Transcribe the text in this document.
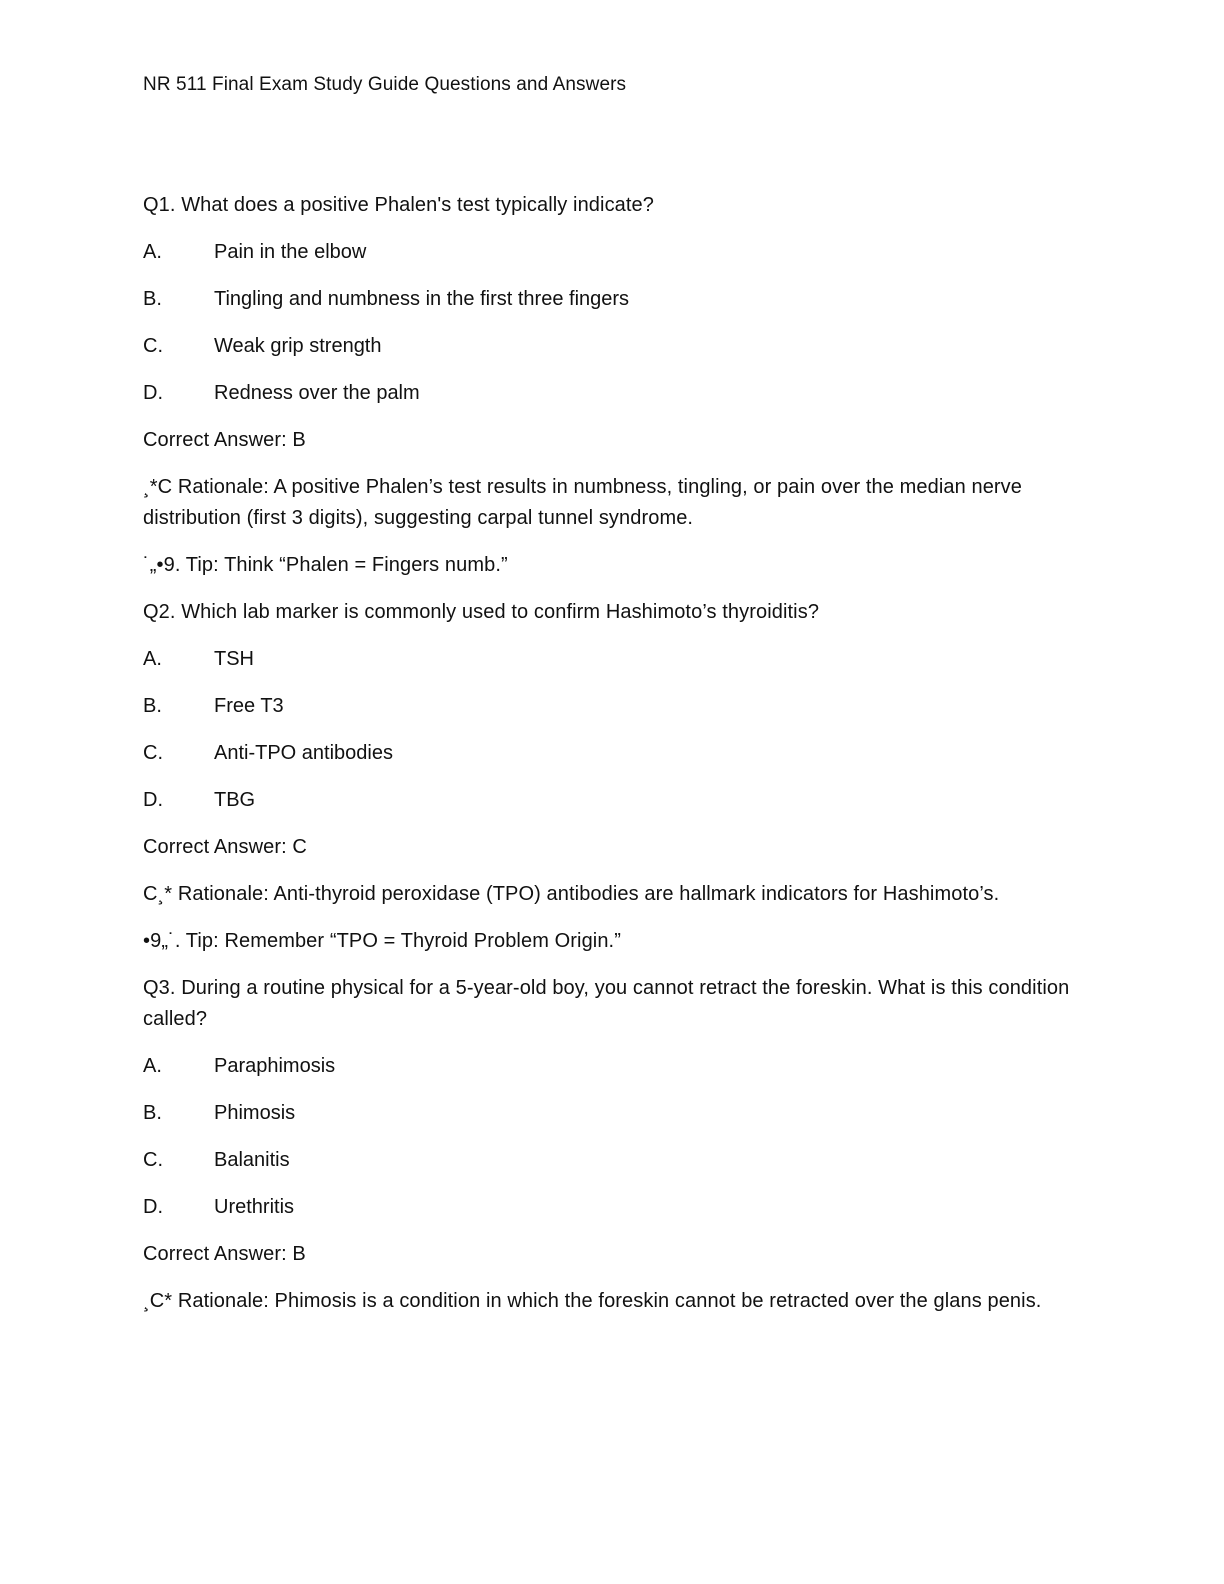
NR 511 Final Exam Study Guide Questions and Answers
Q1. What does a positive Phalen's test typically indicate?
A.	Pain in the elbow
B.	Tingling and numbness in the first three fingers
C.	Weak grip strength
D.	Redness over the palm
Correct Answer: B
¸*C Rationale: A positive Phalen’s test results in numbness, tingling, or pain over the median nerve distribution (first 3 digits), suggesting carpal tunnel syndrome.
˙„•9. Tip: Think “Phalen = Fingers numb.”
Q2. Which lab marker is commonly used to confirm Hashimoto’s thyroiditis?
A.	TSH
B.	Free T3
C.	Anti-TPO antibodies
D.	TBG
Correct Answer: C
C¸* Rationale: Anti-thyroid peroxidase (TPO) antibodies are hallmark indicators for Hashimoto’s.
•9„˙. Tip: Remember “TPO = Thyroid Problem Origin.”
Q3. During a routine physical for a 5-year-old boy, you cannot retract the foreskin. What is this condition called?
A.	Paraphimosis
B.	Phimosis
C.	Balanitis
D.	Urethritis
Correct Answer: B
¸C* Rationale: Phimosis is a condition in which the foreskin cannot be retracted over the glans penis.
